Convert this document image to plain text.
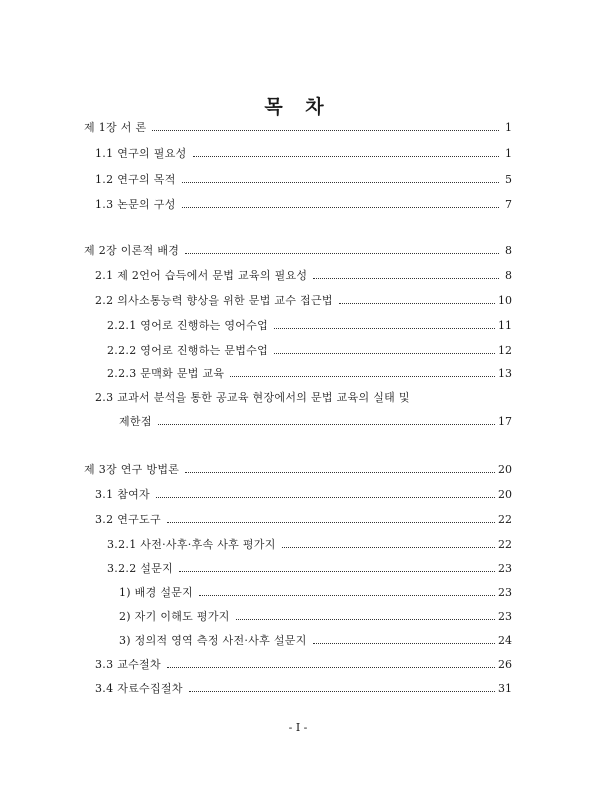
목 차
제 1장 서 론	1
1.1 연구의 필요성	1
1.2 연구의 목적	5
1.3 논문의 구성	7
제 2장 이론적 배경	8
2.1 제 2언어 습득에서 문법 교육의 필요성	8
2.2 의사소통능력 향상을 위한 문법 교수 접근법	10
2.2.1 영어로 진행하는 영어수업	11
2.2.2 영어로 진행하는 문법수업	12
2.2.3 문맥화 문법 교육	13
2.3 교과서 분석을 통한 공교육 현장에서의 문법 교육의 실태 및
제한점	17
제 3장 연구 방법론	20
3.1 참여자	20
3.2 연구도구	22
3.2.1 사전·사후·후속 사후 평가지	22
3.2.2 설문지	23
1) 배경 설문지	23
2) 자기 이해도 평가지	23
3) 정의적 영역 측정 사전·사후 설문지	24
3.3 교수절차	26
3.4 자료수집절차	31
- Ⅰ -
